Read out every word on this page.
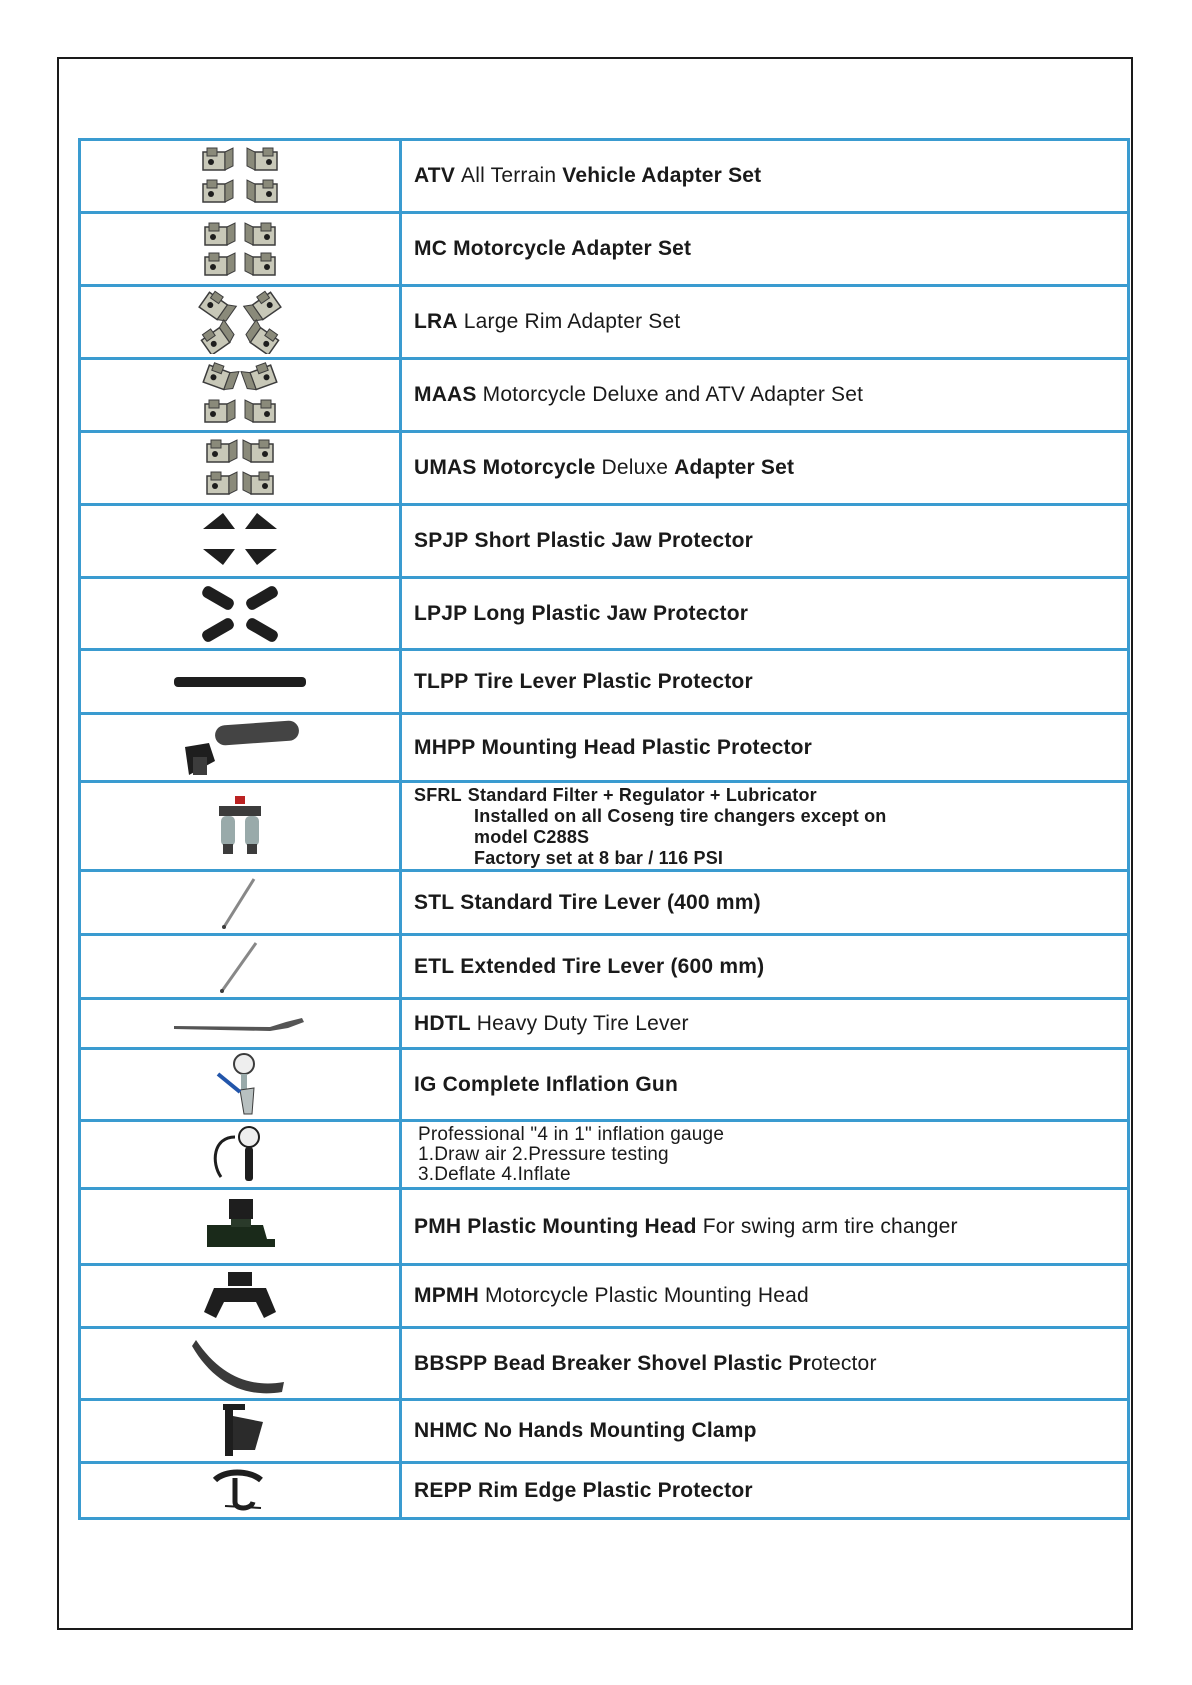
	ATV All Terrain Vehicle Adapter Set

	MC Motorcycle Adapter Set

	LRA Large Rim Adapter Set

	MAAS Motorcycle Deluxe and ATV Adapter Set

	UMAS Motorcycle Deluxe Adapter Set

	SPJP Short Plastic Jaw Protector

	LPJP Long Plastic Jaw Protector

	TLPP Tire Lever Plastic Protector

	MHPP Mounting Head Plastic Protector

SFRL Standard Filter + Regulator + Lubricator
Installed on all Coseng tire changers except on
model C288S
Factory set at 8 bar / 116 PSI

	STL Standard Tire Lever (400 mm)

	ETL Extended Tire Lever (600 mm)

	HDTL Heavy Duty Tire Lever

	IG Complete Inflation Gun

Professional "4 in 1" inflation gauge
1.Draw air 2.Pressure testing
3.Deflate 4.Inflate

	PMH Plastic Mounting Head For swing arm tire changer

	MPMH Motorcycle Plastic Mounting Head

	BBSPP Bead Breaker Shovel Plastic Protector

	NHMC No Hands Mounting Clamp

	REPP Rim Edge Plastic Protector
